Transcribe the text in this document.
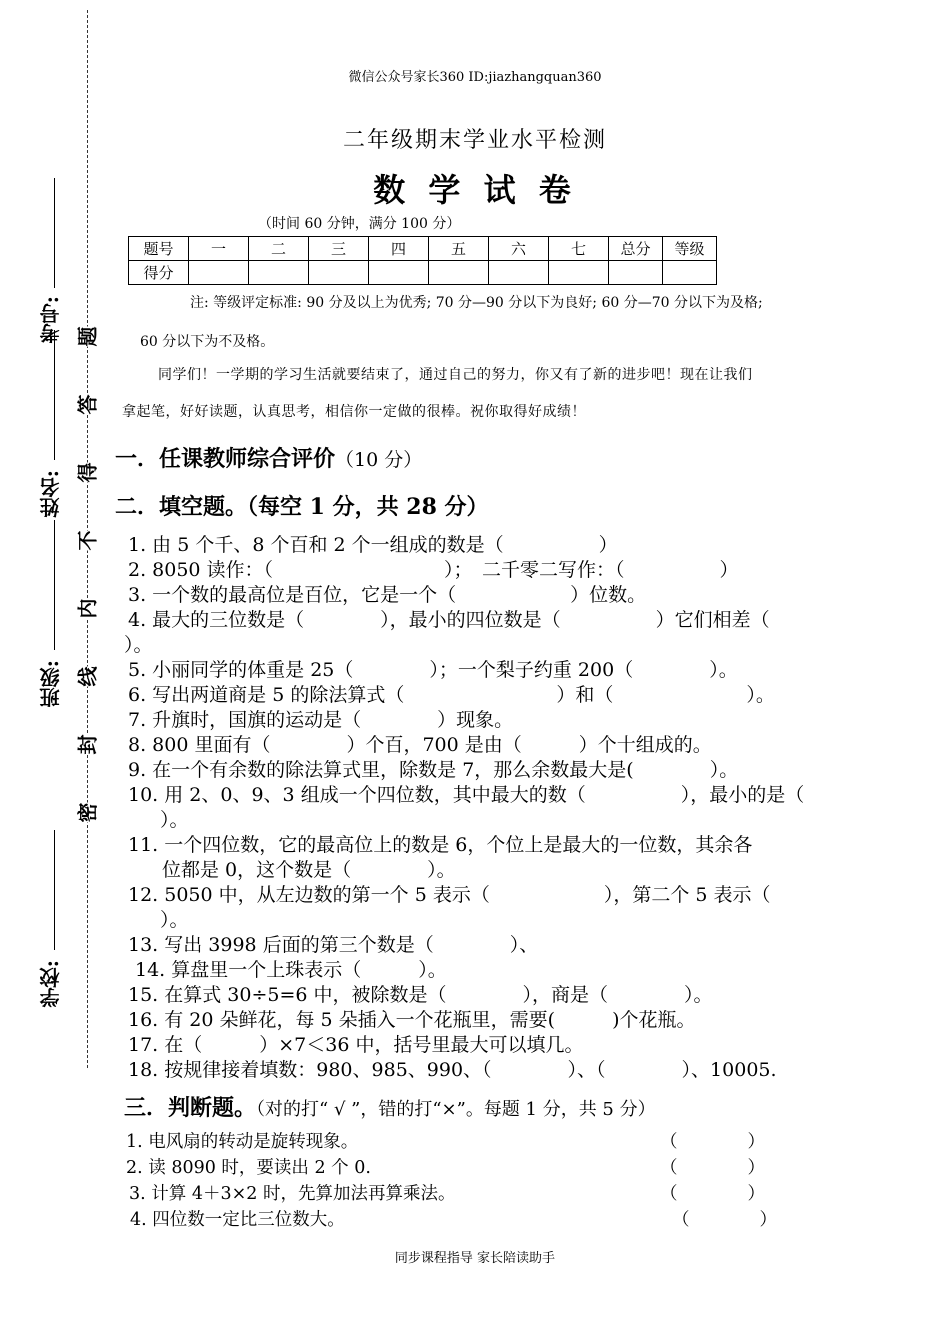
考号:
姓名:
班级:
学校:
题
答
得
不
内
线
封
密
微信公众号家长360 ID:jiazhangquan360
二年级期末学业水平检测
数 学 试 卷
（时间 60 分钟，满分 100 分）
题号	一	二	三	四	五	六	七	总分	等级
得分									
注: 等级评定标准: 90 分及以上为优秀; 70 分—90 分以下为良好; 60 分—70 分以下为及格;
60 分以下为不及格。
同学们！一学期的学习生活就要结束了，通过自己的努力，你又有了新的进步吧！现在让我们
拿起笔，好好读题，认真思考，相信你一定做的很棒。祝你取得好成绩！
一．任课教师综合评价（10 分）
二．填空题。（每空 1 分，共 28 分）
1. 由 5 个千、8 个百和 2 个一组成的数是（　　　　　）
2. 8050 读作：（　　　　　　　　　）；　二千零二写作：（　　　　　）
3. 一个数的最高位是百位，它是一个（　　　　　　）位数。
4. 最大的三位数是（　　　　），最小的四位数是（　　　　　）它们相差（
）。
5. 小丽同学的体重是 25（　　　　）；一个梨子约重 200（　　　　）。
6. 写出两道商是 5 的除法算式（　　　　　　　　）和（　　　　　　　）。
7. 升旗时，国旗的运动是（　　　　）现象。
8. 800 里面有（　　　　）个百，700 是由（　　　）个十组成的。
9. 在一个有余数的除法算式里，除数是 7，那么余数最大是(　　　　）。
10. 用 2、0、9、3 组成一个四位数，其中最大的数（　　　　　），最小的是（
）。
11. 一个四位数，它的最高位上的数是 6，个位上是最大的一位数，其余各
位都是 0，这个数是（　　　　）。
12. 5050 中，从左边数的第一个 5 表示（　　　　　　），第二个 5 表示（
）。
13. 写出 3998 后面的第三个数是（　　　　）、
14. 算盘里一个上珠表示（　　　）。
15. 在算式 30÷5=6 中，被除数是（　　　　），商是（　　　　）。
16. 有 20 朵鲜花，每 5 朵插入一个花瓶里，需要(　　　)个花瓶。
17. 在（　　　）×7＜36 中，括号里最大可以填几。
18. 按规律接着填数：980、985、990、（　　　　）、（　　　　）、10005.
三．判断题。（对的打“ √ ”，错的打“×”。每题 1 分，共 5 分）
1. 电风扇的转动是旋转现象。	（　　　　）
2. 读 8090 时，要读出 2 个 0.	（　　　　）
3. 计算 4＋3×2 时，先算加法再算乘法。	（　　　　）
4. 四位数一定比三位数大。	（　　　　）
同步课程指导 家长陪读助手
